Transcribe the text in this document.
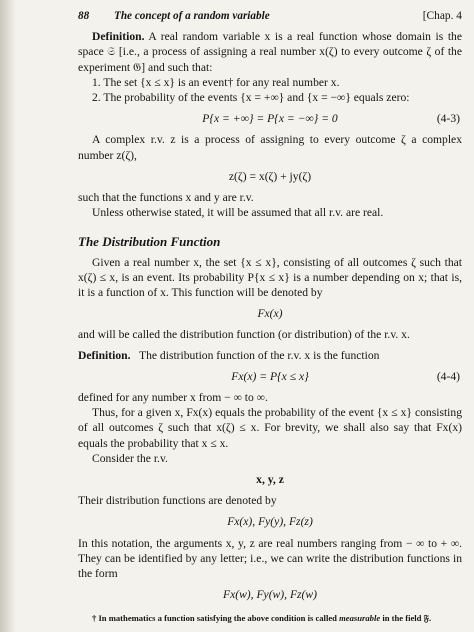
88	The concept of a random variable	[Chap. 4

Definition. A real random variable x is a real function whose domain is the space 𝔖 [i.e., a process of assigning a real number x(ζ) to every outcome ζ of the experiment 𝔊] and such that:

1. The set {x ≤ x} is an event† for any real number x.

2. The probability of the events {x = +∞} and {x = −∞} equals zero:

P{x = +∞} = P{x = −∞} = 0	(4-3)

A complex r.v. z is a process of assigning to every outcome ζ a complex number z(ζ),

z(ζ) = x(ζ) + jy(ζ)

such that the functions x and y are r.v.

Unless otherwise stated, it will be assumed that all r.v. are real.

The Distribution Function

Given a real number x, the set {x ≤ x}, consisting of all outcomes ζ such that x(ζ) ≤ x, is an event. Its probability P{x ≤ x} is a number depending on x; that is, it is a function of x. This function will be denoted by

Fx(x)

and will be called the distribution function (or distribution) of the r.v. x.

Definition. The distribution function of the r.v. x is the function

Fx(x) = P{x ≤ x}	(4-4)

defined for any number x from − ∞ to ∞.

Thus, for a given x, Fx(x) equals the probability of the event {x ≤ x} consisting of all outcomes ζ such that x(ζ) ≤ x. For brevity, we shall also say that Fx(x) equals the probability that x ≤ x.

Consider the r.v.

x, y, z

Their distribution functions are denoted by

Fx(x), Fy(y), Fz(z)

In this notation, the arguments x, y, z are real numbers ranging from − ∞ to + ∞. They can be identified by any letter; i.e., we can write the distribution functions in the form

Fx(w), Fy(w), Fz(w)

† In mathematics a function satisfying the above condition is called measurable in the field 𝔉.
